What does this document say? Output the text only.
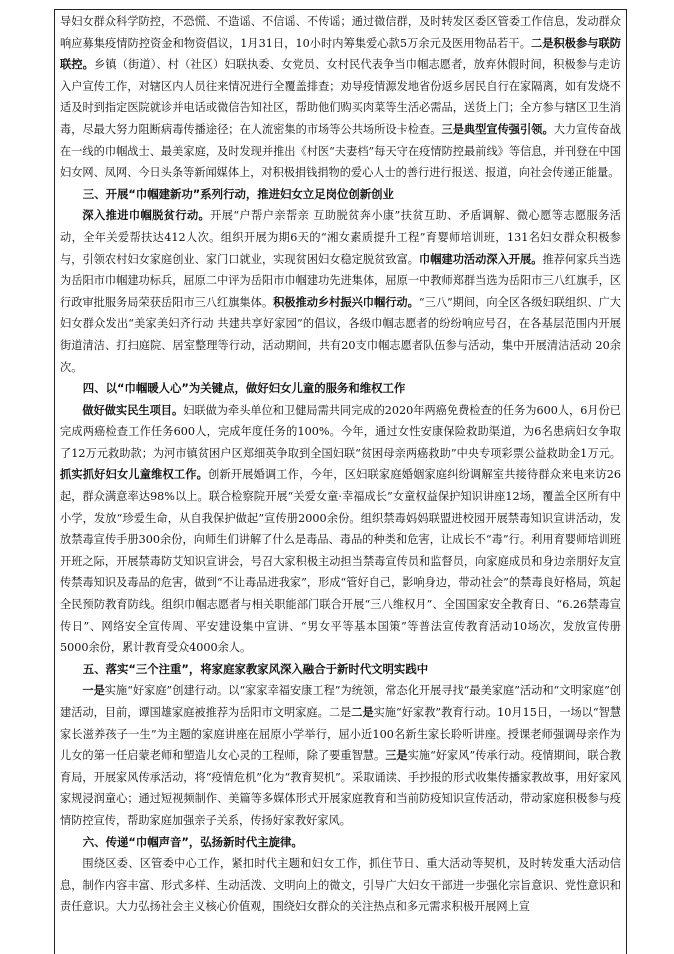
导妇女群众科学防控，不恐慌、不造谣、不信谣、不传谣；通过微信群，及时转发区委区管委工作信息，发动群众响应募集疫情防控资金和物资倡议，1月31日，10小时内筹集爱心款5万余元及医用物品若干。二是积极参与联防联控。乡镇（街道）、村（社区）妇联执委、女党员、女村民代表争当巾帼志愿者，放弃休假时间，积极参与走访入户宣传工作，对辖区内人员往来情况进行全覆盖排查；劝导疫情源发地省份返乡居民自行在家隔离，如有发烧不适及时到指定医院就诊并电话或微信告知社区，帮助他们购买肉菜等生活必需品，送货上门；全方参与辖区卫生消毒，尽最大努力阻断病毒传播途径；在人流密集的市场等公共场所设卡检查。三是典型宣传强引领。大力宣传奋战在一线的巾帼战士、最美家庭，及时发现并推出《村医“夫妻档”每天守在疫情防控最前线》等信息，并刊登在中国妇女网、凤网、今日头条等新闻媒体上，对积极捐钱捐物的爱心人士的善行进行报送、报道，向社会传递正能量。

三、开展“巾帼建新功”系列行动，推进妇女立足岗位创新创业

深入推进巾帼脱贫行动。开展“户帮户亲帮亲 互助脱贫奔小康”扶贫互助、矛盾调解、微心愿等志愿服务活动，全年关爱帮扶达412人次。组织开展为期6天的“湘女素质提升工程”育婴师培训班，131名妇女群众积极参与，引领农村妇女家庭创业、家门口就业，实现贫困妇女稳定脱贫致富。巾帼建功活动深入开展。推荐何家兵当选为岳阳市巾帼建功标兵，屈原二中评为岳阳市巾帼建功先进集体，屈原一中教师郑群当选为岳阳市三八红旗手，区行政审批服务局荣获岳阳市三八红旗集体。积极推动乡村振兴巾帼行动。“三八”期间，向全区各级妇联组织、广大妇女群众发出“美家美妇齐行动 共建共享好家园”的倡议，各级巾帼志愿者的纷纷响应号召，在各基层范围内开展街道清洁、打扫庭院、居室整理等行动，活动期间，共有20支巾帼志愿者队伍参与活动，集中开展清洁活动 20余次。

四、以“巾帼暖人心”为关键点，做好妇女儿童的服务和维权工作

做好做实民生项目。妇联做为牵头单位和卫健局需共同完成的2020年两癌免费检查的任务为600人，6月份已完成两癌检查工作任务600人，完成年度任务的100%。今年，通过女性安康保险救助渠道，为6名患病妇女争取了12万元救助款；为河市镇贫困户区郑细英争取到全国妇联“贫困母亲两癌救助”中央专项彩票公益救助金1万元。抓实抓好妇女儿童维权工作。创新开展婚调工作，今年，区妇联家庭婚姻家庭纠纷调解室共接待群众来电来访26起，群众满意率达98%以上。联合检察院开展“关爱女童·幸福成长”女童权益保护知识讲座12场，覆盖全区所有中小学，发放“珍爱生命，从自我保护做起”宣传册2000余份。组织禁毒妈妈联盟进校园开展禁毒知识宣讲活动，发放禁毒宣传手册300余份，向师生们讲解了什么是毒品、毒品的种类和危害，让成长不“毒”行。利用育婴师培训班开班之际，开展禁毒防艾知识宣讲会，号召大家积极主动担当禁毒宣传员和监督员，向家庭成员和身边亲朋好友宣传禁毒知识及毒品的危害，做到“不让毒品进我家”，形成“管好自己，影响身边，带动社会”的禁毒良好格局，筑起全民预防教育防线。组织巾帼志愿者与相关职能部门联合开展“三八维权月”、全国国家安全教育日、“6.26禁毒宣传日”、网络安全宣传周、平安建设集中宣讲、“男女平等基本国策”等普法宣传教育活动10场次，发放宣传册5000余份，累计教育受众4000余人。

五、落实“三个注重”，将家庭家教家风深入融合于新时代文明实践中

一是实施“好家庭”创建行动。以“家家幸福安康工程”为统领，常态化开展寻找“最美家庭”活动和“文明家庭”创建活动，目前，谭国雄家庭被推荐为岳阳市文明家庭。二是二是实施“好家教”教育行动。10月15日，一场以“智慧家长滋养孩子一生”为主题的家庭讲座在屈原小学举行，屈小近100名新生家长聆听讲座。授课老师强调母亲作为儿女的第一任启蒙老师和塑造儿女心灵的工程师，除了要重智慧。三是实施“好家风”传承行动。疫情期间，联合教育局，开展家风传承活动，将“疫情危机”化为“教育契机”。采取诵读、手抄报的形式收集传播家教故事，用好家风家规浸润童心；通过短视频制作、美篇等多媒体形式开展家庭教育和当前防疫知识宣传活动，带动家庭积极参与疫情防控宣传，帮助家庭加强亲子关系，传扬好家教好家风。

六、传递“巾帼声音”，弘扬新时代主旋律。

围绕区委、区管委中心工作，紧扣时代主题和妇女工作，抓住节日、重大活动等契机，及时转发重大活动信息，制作内容丰富、形式多样、生动活泼、文明向上的微文，引导广大妇女干部进一步强化宗旨意识、党性意识和责任意识。大力弘扬社会主义核心价值观，围绕妇女群众的关注热点和多元需求积极开展网上宣
